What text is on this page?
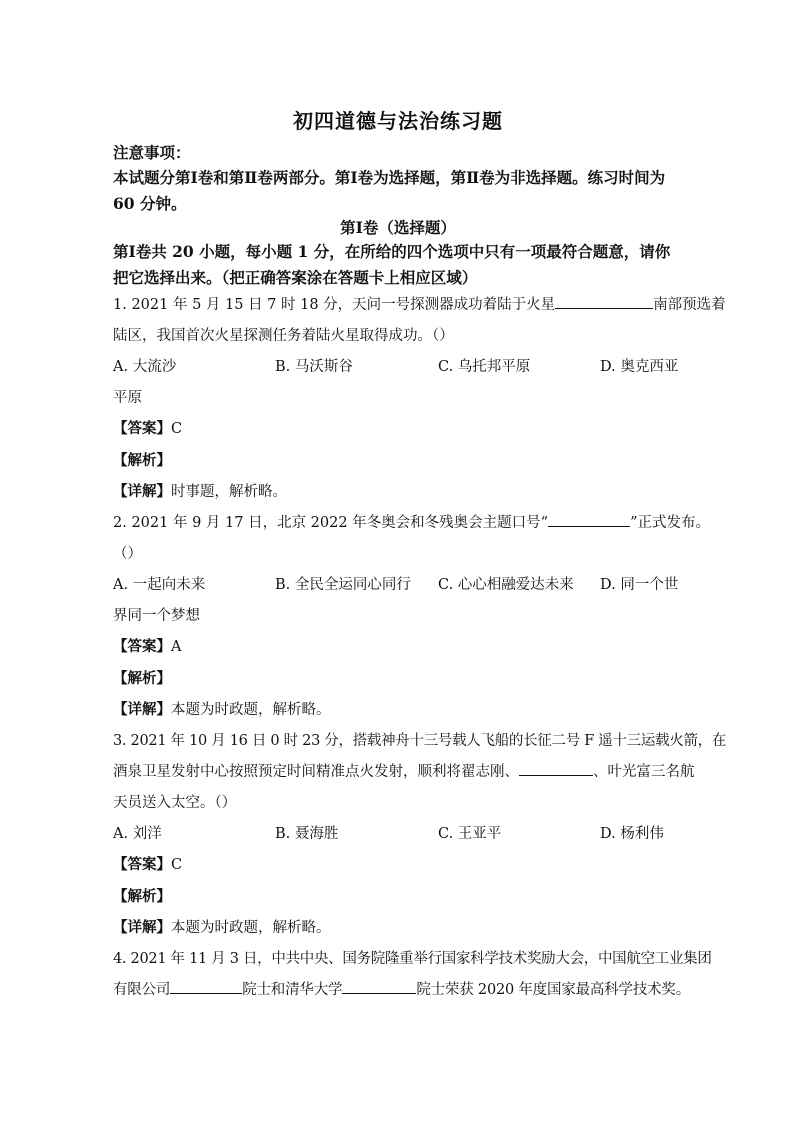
初四道德与法治练习题
注意事项：
本试题分第Ⅰ卷和第Ⅱ卷两部分。第Ⅰ卷为选择题，第Ⅱ卷为非选择题。练习时间为 60 分钟。
第Ⅰ卷（选择题）
第Ⅰ卷共 20 小题，每小题 1 分，在所给的四个选项中只有一项最符合题意，请你把它选择出来。（把正确答案涂在答题卡上相应区域）
1. 2021 年 5 月 15 日 7 时 18 分，天问一号探测器成功着陆于火星	南部预选着
陆区，我国首次火星探测任务着陆火星取得成功。（）
A. 大流沙	B. 马沃斯谷	C. 乌托邦平原	D. 奥克西亚
平原
【答案】C
【解析】
【详解】时事题，解析略。
2. 2021 年 9 月 17 日，北京 2022 年冬奥会和冬残奥会主题口号“	”正式发布。
（）
A. 一起向未来	B. 全民全运同心同行 C. 心心相融爱达未来 D. 同一个世
界同一个梦想
【答案】A
【解析】
【详解】本题为时政题，解析略。
3. 2021 年 10 月 16 日 0 时 23 分，搭载神舟十三号载人飞船的长征二号 F 遥十三运载火箭，在
酒泉卫星发射中心按照预定时间精准点火发射，顺利将翟志刚、	、叶光富三名航
天员送入太空。（）
A. 刘洋	B. 聂海胜	C. 王亚平	D. 杨利伟
【答案】C
【解析】
【详解】本题为时政题，解析略。
4. 2021 年 11 月 3 日，中共中央、国务院隆重举行国家科学技术奖励大会，中国航空工业集团
有限公司	院士和清华大学	院士荣获 2020 年度国家最高科学技术奖。
